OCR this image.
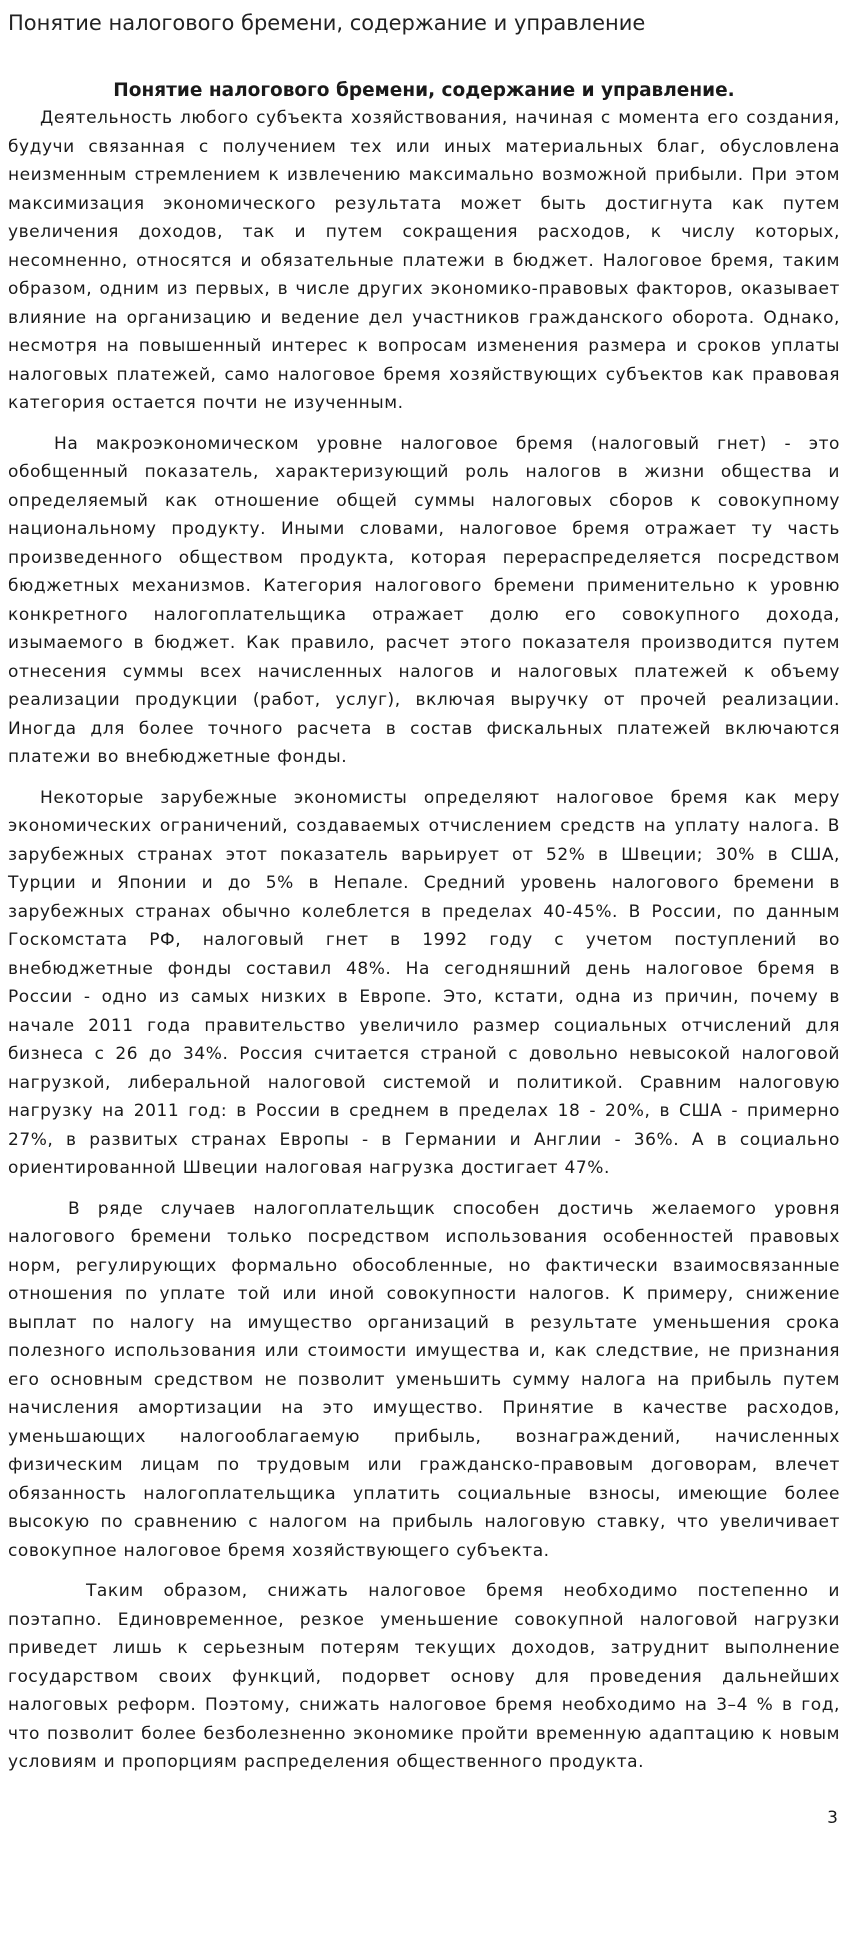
Понятие налогового бремени, содержание и управление
Понятие налогового бремени, содержание и управление.

Деятельность любого субъекта хозяйствования, начиная с момента его создания, будучи связанная с получением тех или иных материальных благ, обусловлена неизменным стремлением к извлечению максимально возможной прибыли. При этом максимизация экономического результата может быть достигнута как путем увеличения доходов, так и путем сокращения расходов, к числу которых, несомненно, относятся и обязательные платежи в бюджет. Налоговое бремя, таким образом, одним из первых, в числе других экономико-правовых факторов, оказывает влияние на организацию и ведение дел участников гражданского оборота. Однако, несмотря на повышенный интерес к вопросам изменения размера и сроков уплаты налоговых платежей, само налоговое бремя хозяйствующих субъектов как правовая категория остается почти не изученным.

На макроэкономическом уровне налоговое бремя (налоговый гнет) - это обобщенный показатель, характеризующий роль налогов в жизни общества и определяемый как отношение общей суммы налоговых сборов к совокупному национальному продукту. Иными словами, налоговое бремя отражает ту часть произведенного обществом продукта, которая перераспределяется посредством бюджетных механизмов. Категория налогового бремени применительно к уровню конкретного налогоплательщика отражает долю его совокупного дохода, изымаемого в бюджет. Как правило, расчет этого показателя производится путем отнесения суммы всех начисленных налогов и налоговых платежей к объему реализации продукции (работ, услуг), включая выручку от прочей реализации. Иногда для более точного расчета в состав фискальных платежей включаются платежи во внебюджетные фонды.

Некоторые зарубежные экономисты определяют налоговое бремя как меру экономических ограничений, создаваемых отчислением средств на уплату налога. В зарубежных странах этот показатель варьирует от 52% в Швеции; 30% в США, Турции и Японии и до 5% в Непале. Средний уровень налогового бремени в зарубежных странах обычно колеблется в пределах 40-45%. В России, по данным Госкомстата РФ, налоговый гнет в 1992 году с учетом поступлений во внебюджетные фонды составил 48%. На сегодняшний день налоговое бремя в России - одно из самых низких в Европе. Это, кстати, одна из причин, почему в начале 2011 года правительство увеличило размер социальных отчислений для бизнеса с 26 до 34%. Россия считается страной с довольно невысокой налоговой нагрузкой, либеральной налоговой системой и политикой. Сравним налоговую нагрузку на 2011 год: в России в среднем в пределах 18 - 20%, в США - примерно 27%, в развитых странах Европы - в Германии и Англии - 36%. А в социально ориентированной Швеции налоговая нагрузка достигает 47%.

В ряде случаев налогоплательщик способен достичь желаемого уровня налогового бремени только посредством использования особенностей правовых норм, регулирующих формально обособленные, но фактически взаимосвязанные отношения по уплате той или иной совокупности налогов. К примеру, снижение выплат по налогу на имущество организаций в результате уменьшения срока полезного использования или стоимости имущества и, как следствие, не признания его основным средством не позволит уменьшить сумму налога на прибыль путем начисления амортизации на это имущество. Принятие в качестве расходов, уменьшающих налогооблагаемую прибыль, вознаграждений, начисленных физическим лицам по трудовым или гражданско-правовым договорам, влечет обязанность налогоплательщика уплатить социальные взносы, имеющие более высокую по сравнению с налогом на прибыль налоговую ставку, что увеличивает совокупное налоговое бремя хозяйствующего субъекта.

Таким образом, снижать налоговое бремя необходимо постепенно и поэтапно. Единовременное, резкое уменьшение совокупной налоговой нагрузки приведет лишь к серьезным потерям текущих доходов, затруднит выполнение государством своих функций, подорвет основу для проведения дальнейших налоговых реформ. Поэтому, снижать налоговое бремя необходимо на 3–4 % в год, что позволит более безболезненно экономике пройти временную адаптацию к новым условиям и пропорциям распределения общественного продукта.

3
